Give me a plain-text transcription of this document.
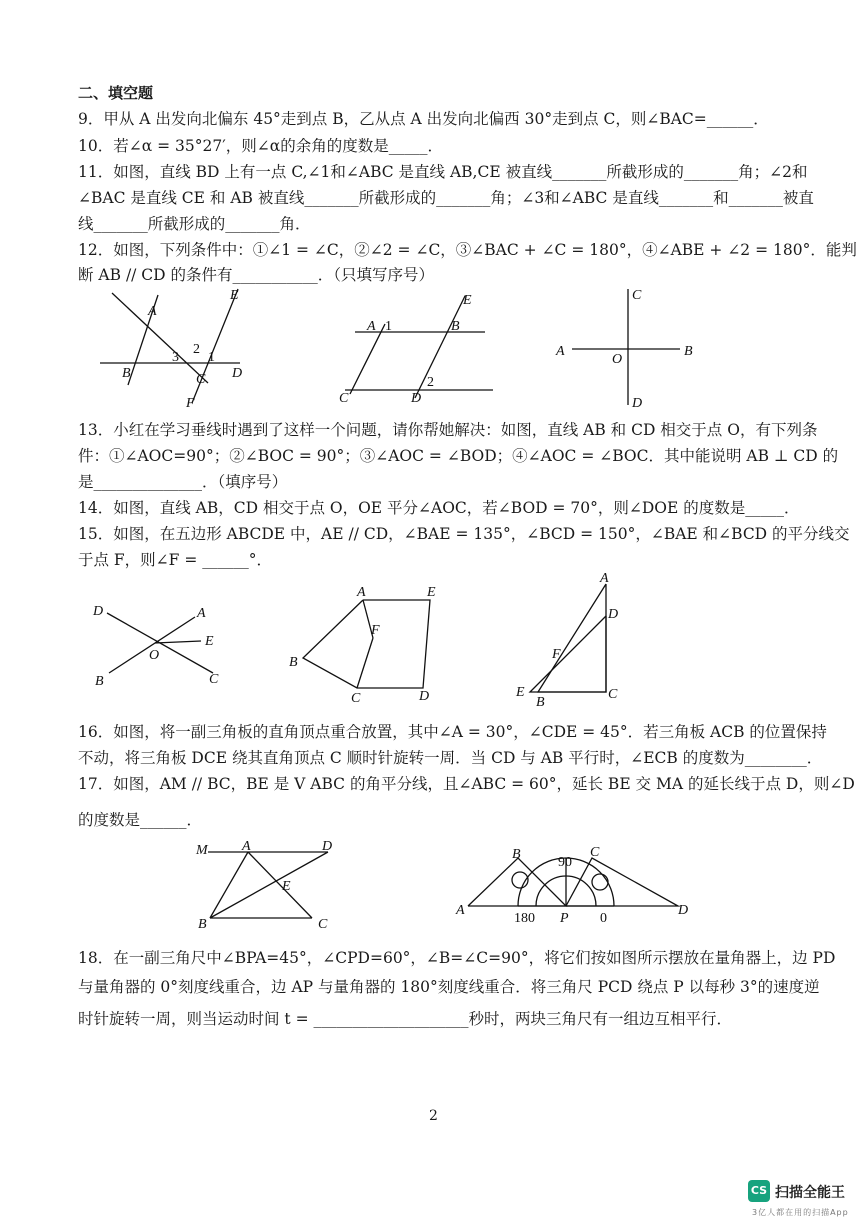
二、填空题
9．甲从 A 出发向北偏东 45°走到点 B，乙从点 A 出发向北偏西 30°走到点 C，则∠BAC=______．
10．若∠α = 35°27′，则∠α的余角的度数是_____．
11．如图，直线 BD 上有一点 C,∠1和∠ABC 是直线 AB,CE 被直线_______所截形成的_______角；∠2和
∠BAC 是直线 CE 和 AB 被直线_______所截形成的_______角；∠3和∠ABC 是直线_______和_______被直
线_______所截形成的_______角．
12．如图，下列条件中：①∠1 = ∠C，②∠2 = ∠C，③∠BAC + ∠C = 180°，④∠ABE + ∠2 = 180°．能判
断 AB // CD 的条件有___________．（只填写序号）
A
E
B	C D
F
1
2
3
A 1	B
E
C	D
2
C
A
O
B
D
13．小红在学习垂线时遇到了这样一个问题，请你帮她解决：如图，直线 AB 和 CD 相交于点 O，有下列条
件：①∠AOC=90°；②∠BOC = 90°；③∠AOC = ∠BOD；④∠AOC = ∠BOC．其中能说明 AB ⊥ CD 的
是______________．（填序号）
14．如图，直线 AB，CD 相交于点 O，OE 平分∠AOC，若∠BOD = 70°，则∠DOE 的度数是_____．
15．如图，在五边形 ABCDE 中，AE // CD，∠BAE = 135°，∠BCD = 150°，∠BAE 和∠BCD 的平分线交
于点 F，则∠F = ______°．
D	A
E
O
B	C
A	E
F
B
C	D
A
D
F
E
B
C
16．如图，将一副三角板的直角顶点重合放置，其中∠A = 30°，∠CDE = 45°．若三角板 ACB 的位置保持
不动，将三角板 DCE 绕其直角顶点 C 顺时针旋转一周．当 CD 与 AB 平行时，∠ECB 的度数为________．
17．如图，AM // BC，BE 是 V ABC 的角平分线，且∠ABC = 60°，延长 BE 交 MA 的延长线于点 D，则∠D
的度数是______．
M A	D
E
B	C
B	C
90
A
180 P 0
D
18．在一副三角尺中∠BPA=45°，∠CPD=60°，∠B=∠C=90°，将它们按如图所示摆放在量角器上，边 PD
与量角器的 0°刻度线重合，边 AP 与量角器的 180°刻度线重合．将三角尺 PCD 绕点 P 以每秒 3°的速度逆
时针旋转一周，则当运动时间 t = ____________________秒时，两块三角尺有一组边互相平行．
2
CS 扫描全能王
3亿人都在用的扫描App
